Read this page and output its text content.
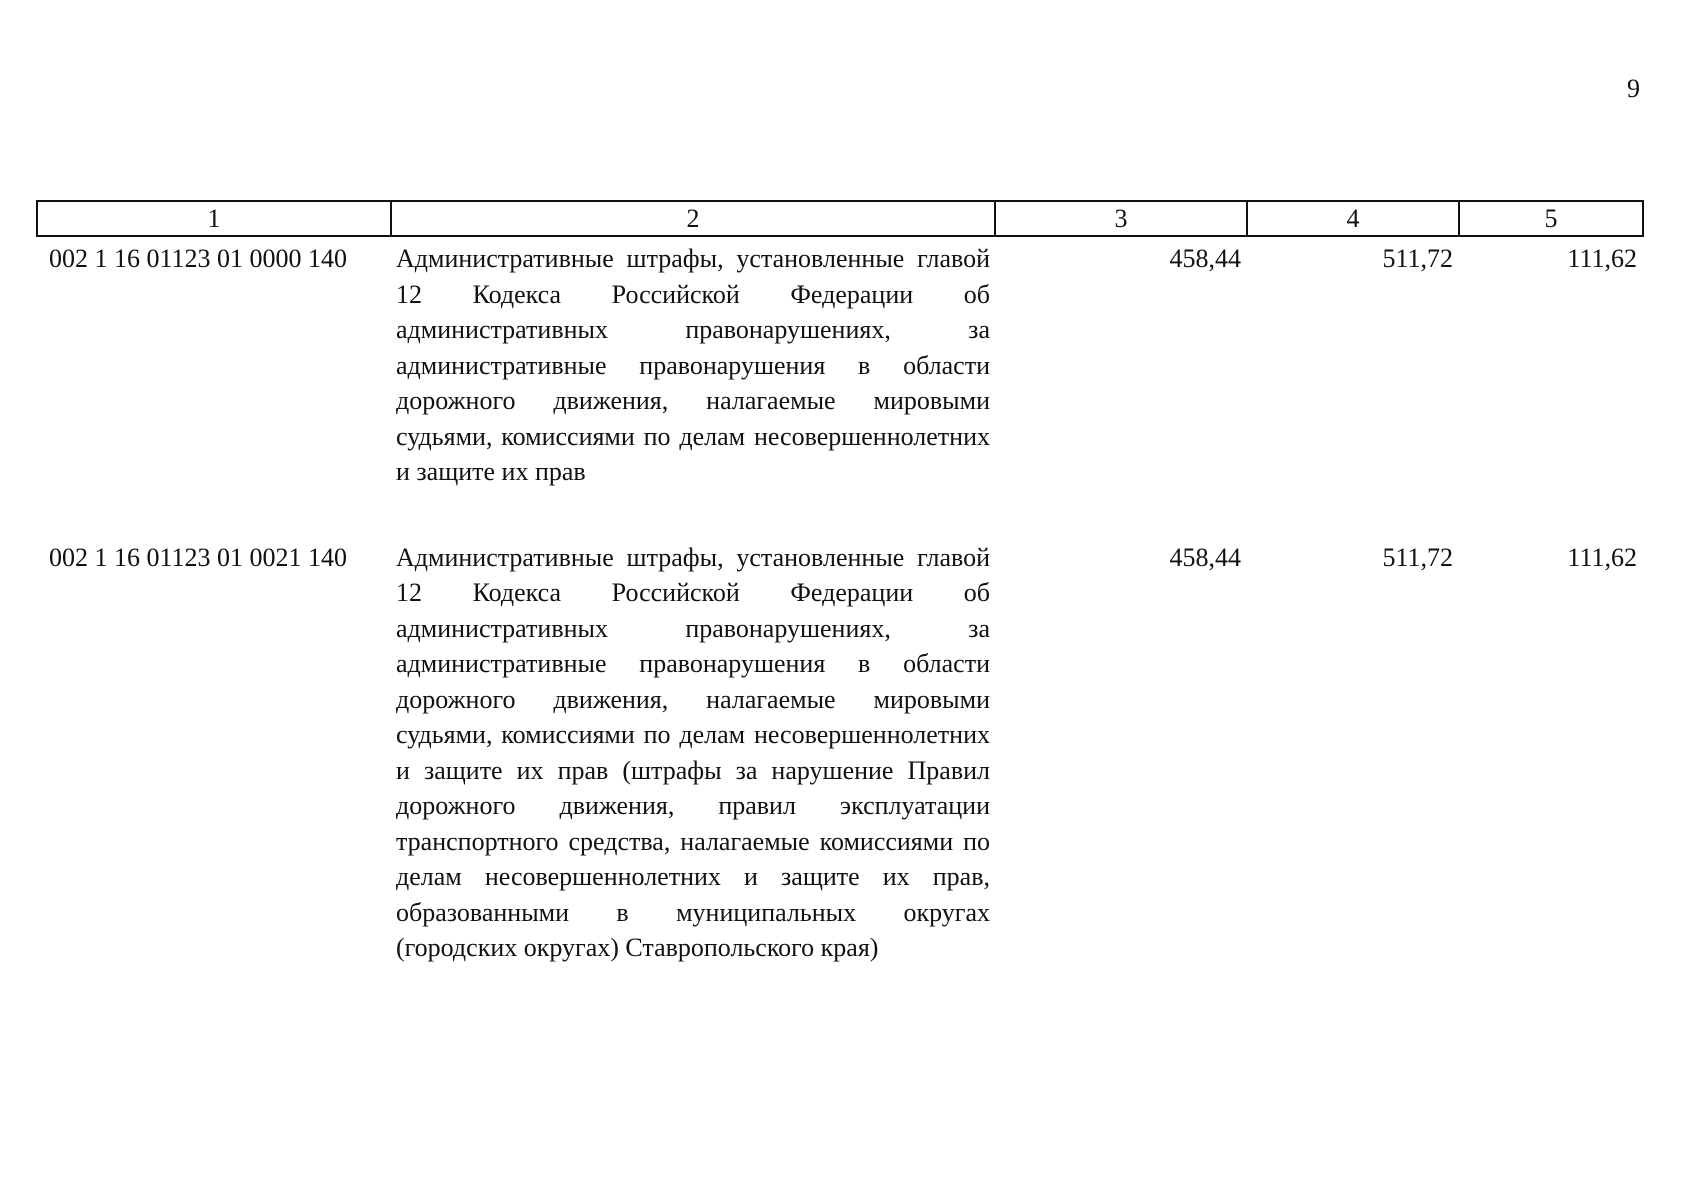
9
1	2	3	4	5
002 1 16 01123 01 0000 140	Административные штрафы, установленные главой 12 Кодекса Российской Федерации об административных правонарушениях, за административные правонарушения в области дорожного движения, налагаемые мировыми судьями, комиссиями по делам несовершеннолетних и защите их прав	458,44	511,72	111,62
002 1 16 01123 01 0021 140	Административные штрафы, установленные главой 12 Кодекса Российской Федерации об административных правонарушениях, за административные правонарушения в области дорожного движения, налагаемые мировыми судьями, комиссиями по делам несовершеннолетних и защите их прав (штрафы за нарушение Правил дорожного движения, правил эксплуатации транспортного средства, налагаемые комиссиями по делам несовершеннолетних и защите их прав, образованными в муниципальных округах (городских округах) Ставропольского края)	458,44	511,72	111,62
